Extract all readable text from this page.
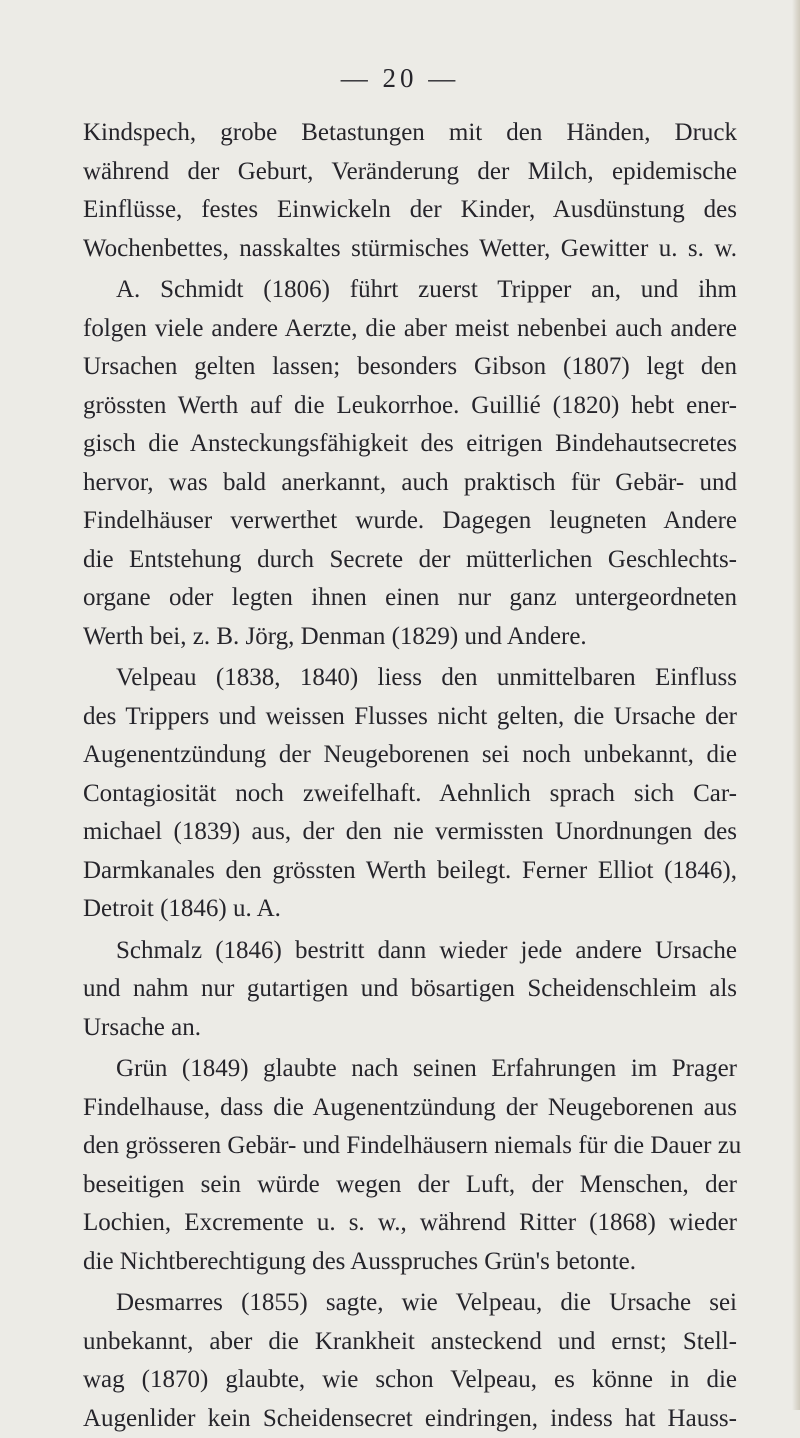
— 20 —
Kindspech, grobe Betastungen mit den Händen, Druck
während der Geburt, Veränderung der Milch, epidemische
Einflüsse, festes Einwickeln der Kinder, Ausdünstung des
Wochenbettes, nasskaltes stürmisches Wetter, Gewitter u. s. w.
A. Schmidt (1806) führt zuerst Tripper an, und ihm
folgen viele andere Aerzte, die aber meist nebenbei auch andere
Ursachen gelten lassen; besonders Gibson (1807) legt den
grössten Werth auf die Leukorrhoe. Guillié (1820) hebt ener-
gisch die Ansteckungsfähigkeit des eitrigen Bindehautsecretes
hervor, was bald anerkannt, auch praktisch für Gebär- und
Findelhäuser verwerthet wurde. Dagegen leugneten Andere
die Entstehung durch Secrete der mütterlichen Geschlechts-
organe oder legten ihnen einen nur ganz untergeordneten
Werth bei, z. B. Jörg, Denman (1829) und Andere.
Velpeau (1838, 1840) liess den unmittelbaren Einfluss
des Trippers und weissen Flusses nicht gelten, die Ursache der
Augenentzündung der Neugeborenen sei noch unbekannt, die
Contagiosität noch zweifelhaft. Aehnlich sprach sich Car-
michael (1839) aus, der den nie vermissten Unordnungen des
Darmkanales den grössten Werth beilegt. Ferner Elliot (1846),
Detroit (1846) u. A.
Schmalz (1846) bestritt dann wieder jede andere Ursache
und nahm nur gutartigen und bösartigen Scheidenschleim als
Ursache an.
Grün (1849) glaubte nach seinen Erfahrungen im Prager
Findelhause, dass die Augenentzündung der Neugeborenen aus
den grösseren Gebär- und Findelhäusern niemals für die Dauer zu
beseitigen sein würde wegen der Luft, der Menschen, der
Lochien, Excremente u. s. w., während Ritter (1868) wieder
die Nichtberechtigung des Ausspruches Grün's betonte.
Desmarres (1855) sagte, wie Velpeau, die Ursache sei
unbekannt, aber die Krankheit ansteckend und ernst; Stell-
wag (1870) glaubte, wie schon Velpeau, es könne in die
Augenlider kein Scheidensecret eindringen, indess hat Hauss-
